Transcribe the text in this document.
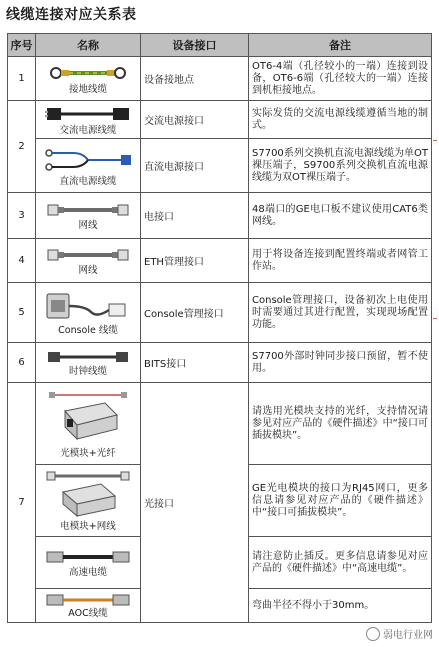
线缆连接对应关系表
序号	名称	设备接口	备注
1	接地线缆	设备接地点	OT6-4端（孔径较小的一端）连接到设备，OT6-6端（孔径较大的一端）连接到机柜接地点。
2	交流电源线缆	交流电源接口	实际发货的交流电源线缆遵循当地的制式。

	直流电源线缆	直流电源接口	S7700系列交换机直流电源线缆为单OT裸压端子，S9700系列交换机直流电源线缆为双OT裸压端子。
3	网线	电接口	48端口的GE电口板不建议使用CAT6类网线。
4	网线	ETH管理接口	用于将设备连接到配置终端或者网管工作站。
5	Console 线缆	Console管理接口	Console管理接口，设备初次上电使用时需要通过其进行配置，实现现场配置功能。
6	时钟线缆	BITS接口	S7700外部时钟同步接口预留，暂不使用。
7	光模块+光纤	光接口	请选用光模块支持的光纤，支持情况请参见对应产品的《硬件描述》中“接口可插拔模块”。

	电模块+网线		GE光电模块的接口为RJ45网口，更多信息请参见对应产品的《硬件描述》中“接口可插拔模块”。

	高速电缆		请注意防止插反。更多信息请参见对应产品的《硬件描述》中“高速电缆”。

	AOC线缆		弯曲半径不得小于30mm。
弱电行业网
